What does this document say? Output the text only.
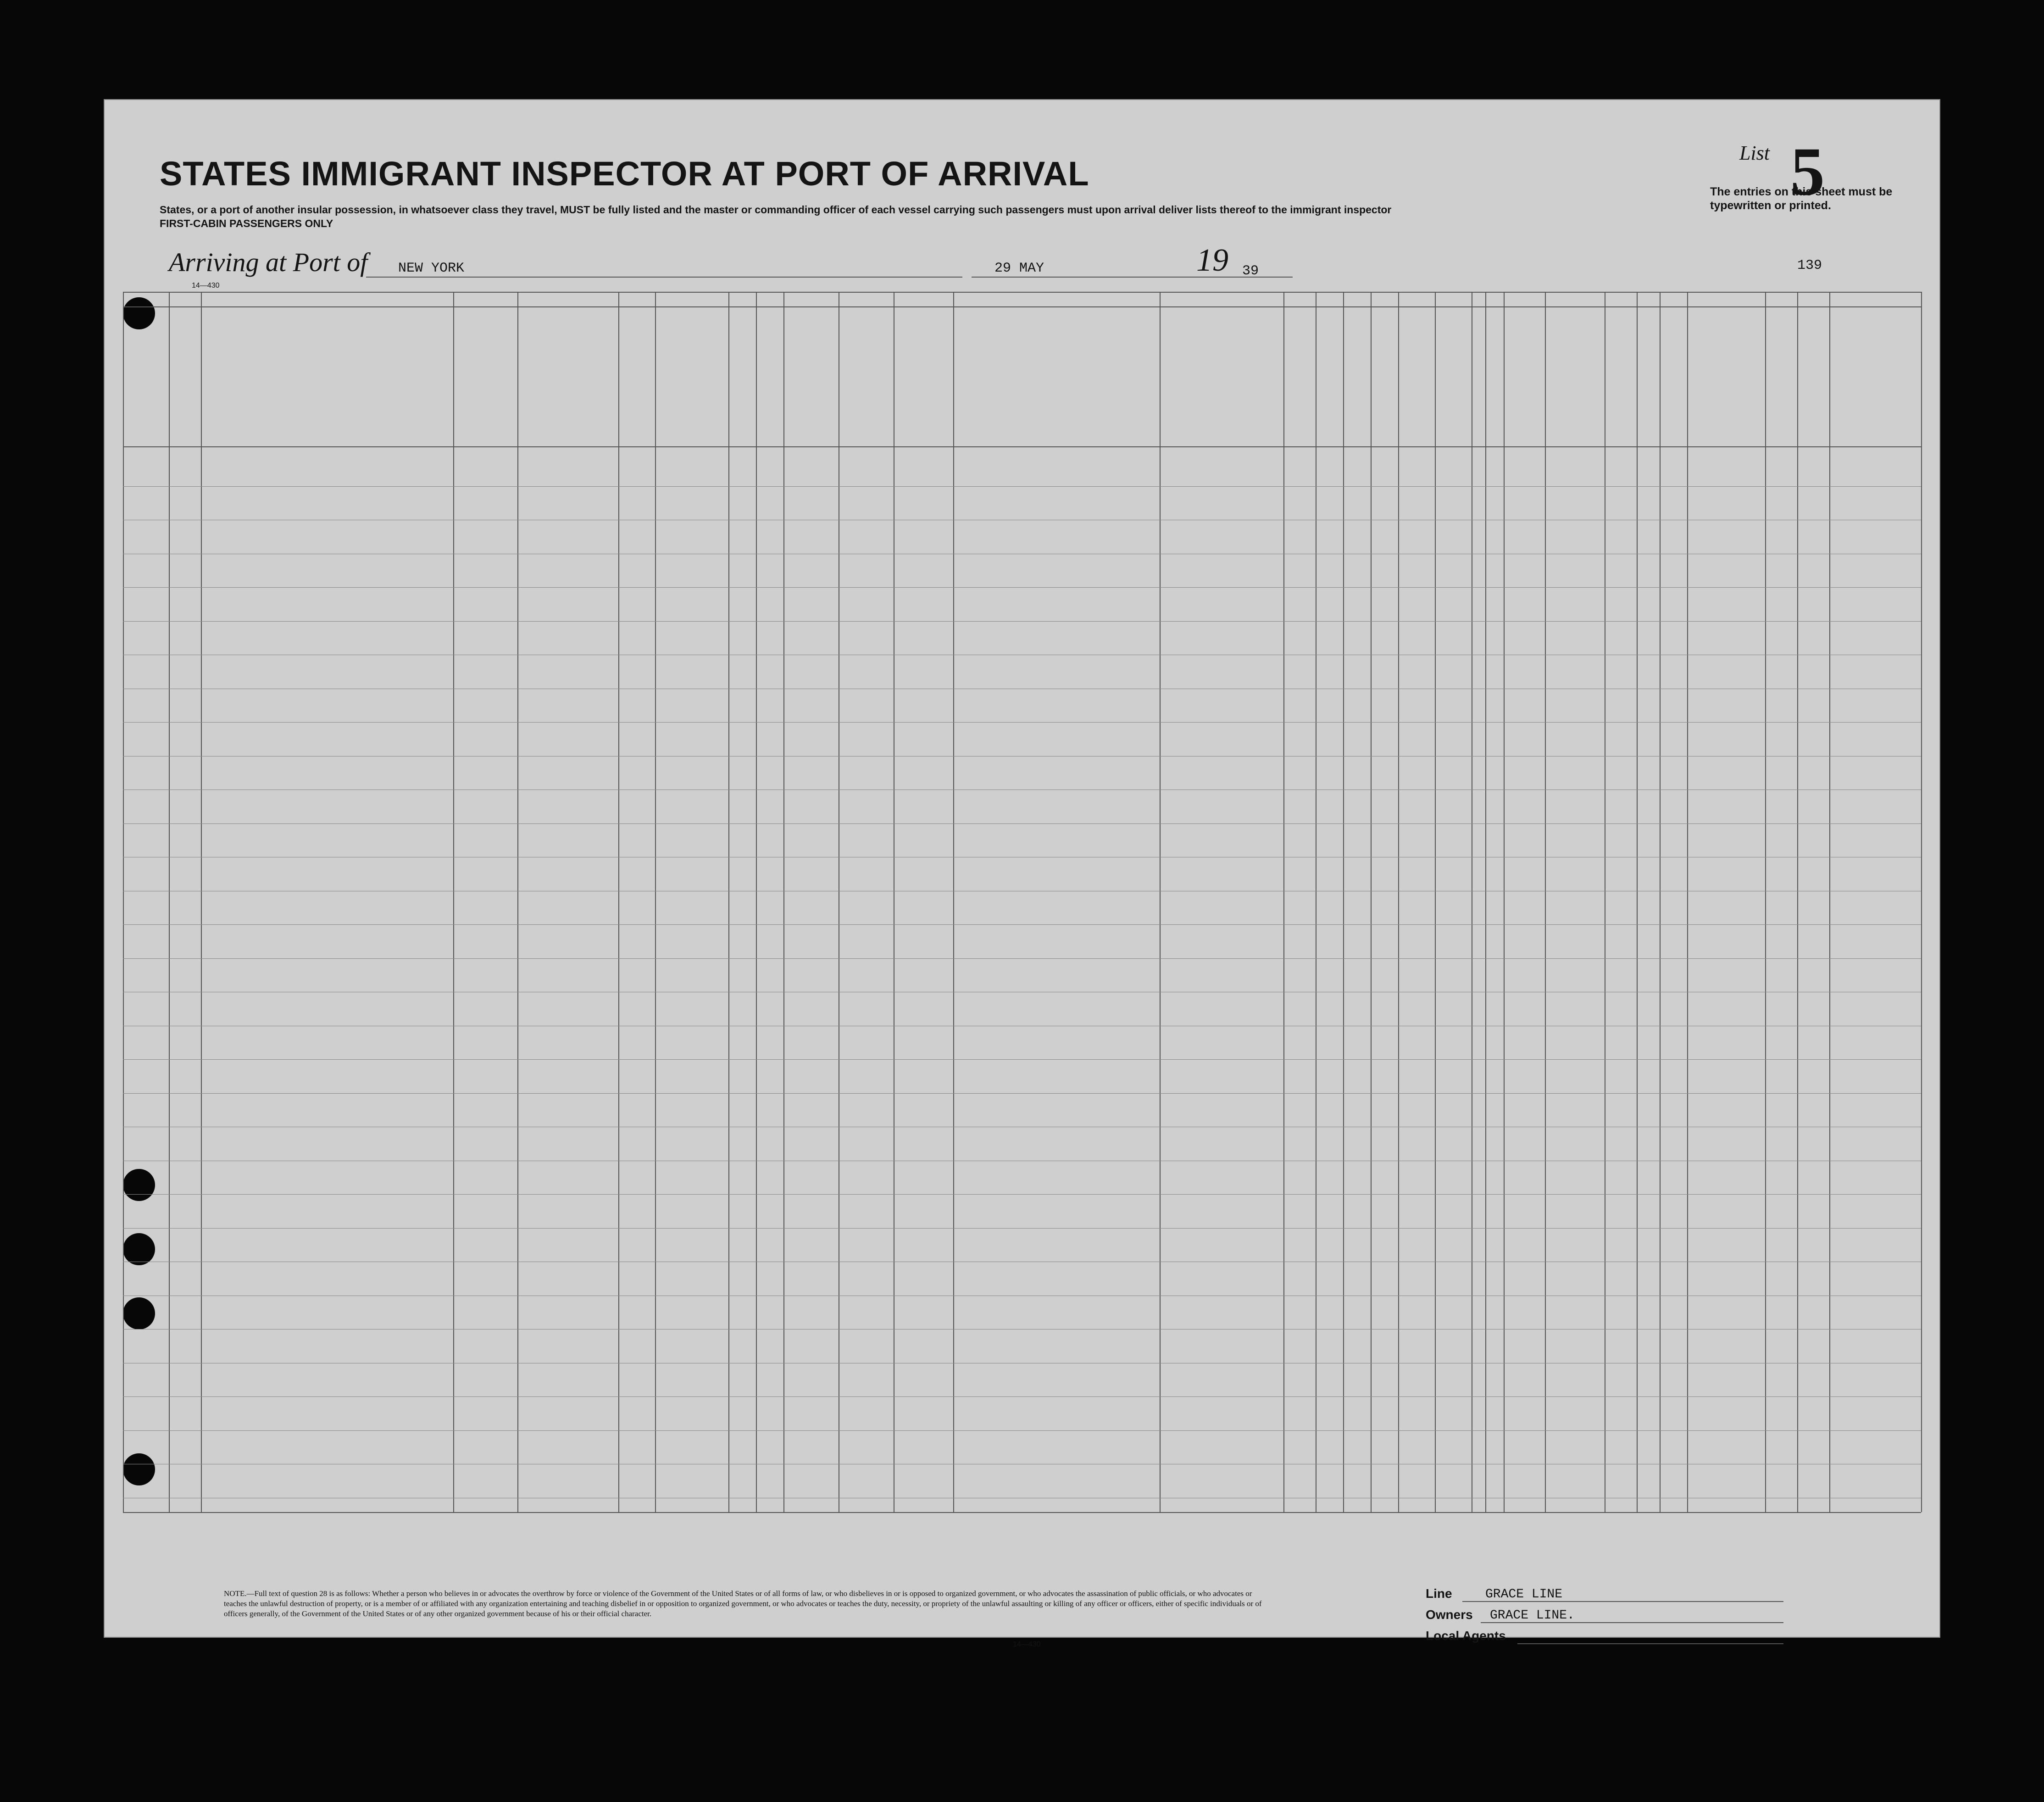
STATES IMMIGRANT INSPECTOR AT PORT OF ARRIVAL
States, or a port of another insular possession, in whatsoever class they travel, MUST be fully listed and the master or commanding officer of each vessel carrying such passengers must upon arrival deliver lists thereof to the immigrant inspector
FIRST-CABIN PASSENGERS ONLY
List 5
The entries on this sheet must be typewritten or printed.
Arriving at Port of NEW YORK	29 MAY	19 39	139
14—430
NOTE.—Full text of question 28 is as follows: Whether a person who believes in or advocates the overthrow by force or violence of the Government of the United States or of all forms of law, or who disbelieves in or is opposed to organized government, or who advocates the assassination of public officials, or who advocates or teaches the unlawful destruction of property, or is a member of or affiliated with any organization entertaining and teaching disbelief in or opposition to organized government, or who advocates or teaches the duty, necessity, or propriety of the unlawful assaulting or killing of any officer or officers, either of specific individuals or of officers generally, of the Government of the United States or of any other organized government because of his or their official character.
Line	GRACE LINE
Owners GRACE LINE.
Local Agents
14—430
